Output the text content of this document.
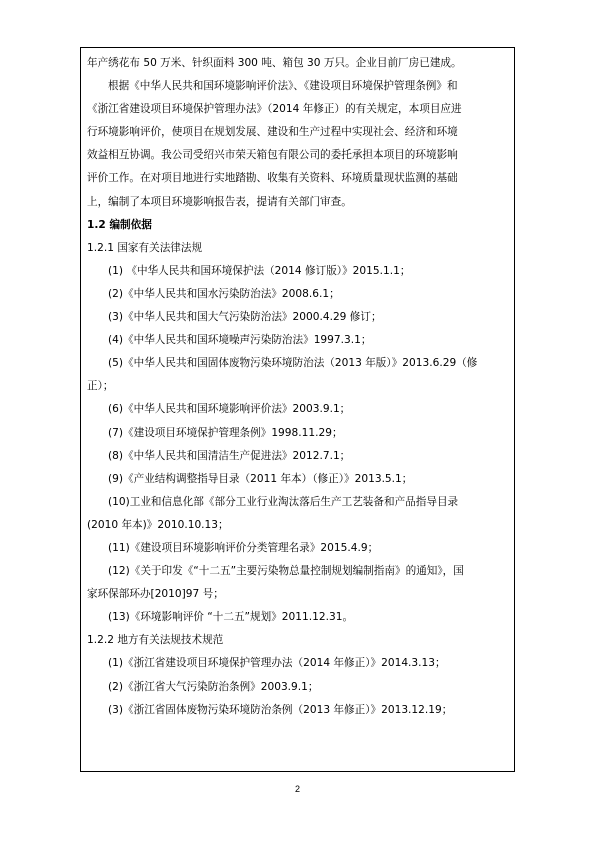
年产绣花布 50 万米、针织面料 300 吨、箱包 30 万只。企业目前厂房已建成。
根据《中华人民共和国环境影响评价法》、《建设项目环境保护管理条例》和
《浙江省建设项目环境保护管理办法》（2014 年修正）的有关规定，本项目应进
行环境影响评价，使项目在规划发展、建设和生产过程中实现社会、经济和环境
效益相互协调。我公司受绍兴市荣天箱包有限公司的委托承担本项目的环境影响
评价工作。在对项目地进行实地踏勘、收集有关资料、环境质量现状监测的基础
上，编制了本项目环境影响报告表，提请有关部门审查。
1.2 编制依据
1.2.1 国家有关法律法规
(1) 《中华人民共和国环境保护法（2014 修订版）》2015.1.1；
(2)《中华人民共和国水污染防治法》2008.6.1；
(3)《中华人民共和国大气污染防治法》2000.4.29 修订；
(4)《中华人民共和国环境噪声污染防治法》1997.3.1；
(5)《中华人民共和国固体废物污染环境防治法（2013 年版）》2013.6.29（修
正）；
(6)《中华人民共和国环境影响评价法》2003.9.1；
(7)《建设项目环境保护管理条例》1998.11.29；
(8)《中华人民共和国清洁生产促进法》2012.7.1；
(9)《产业结构调整指导目录（2011 年本）（修正）》2013.5.1；
(10)工业和信息化部《部分工业行业淘汰落后生产工艺装备和产品指导目录
(2010 年本)》2010.10.13；
(11)《建设项目环境影响评价分类管理名录》2015.4.9；
(12)《关于印发《“十二五”主要污染物总量控制规划编制指南》的通知》，国
家环保部环办[2010]97 号；
(13)《环境影响评价 “十二五”规划》2011.12.31。
1.2.2 地方有关法规技术规范
(1)《浙江省建设项目环境保护管理办法（2014 年修正）》2014.3.13；
(2)《浙江省大气污染防治条例》2003.9.1；
(3)《浙江省固体废物污染环境防治条例（2013 年修正）》2013.12.19；
2
